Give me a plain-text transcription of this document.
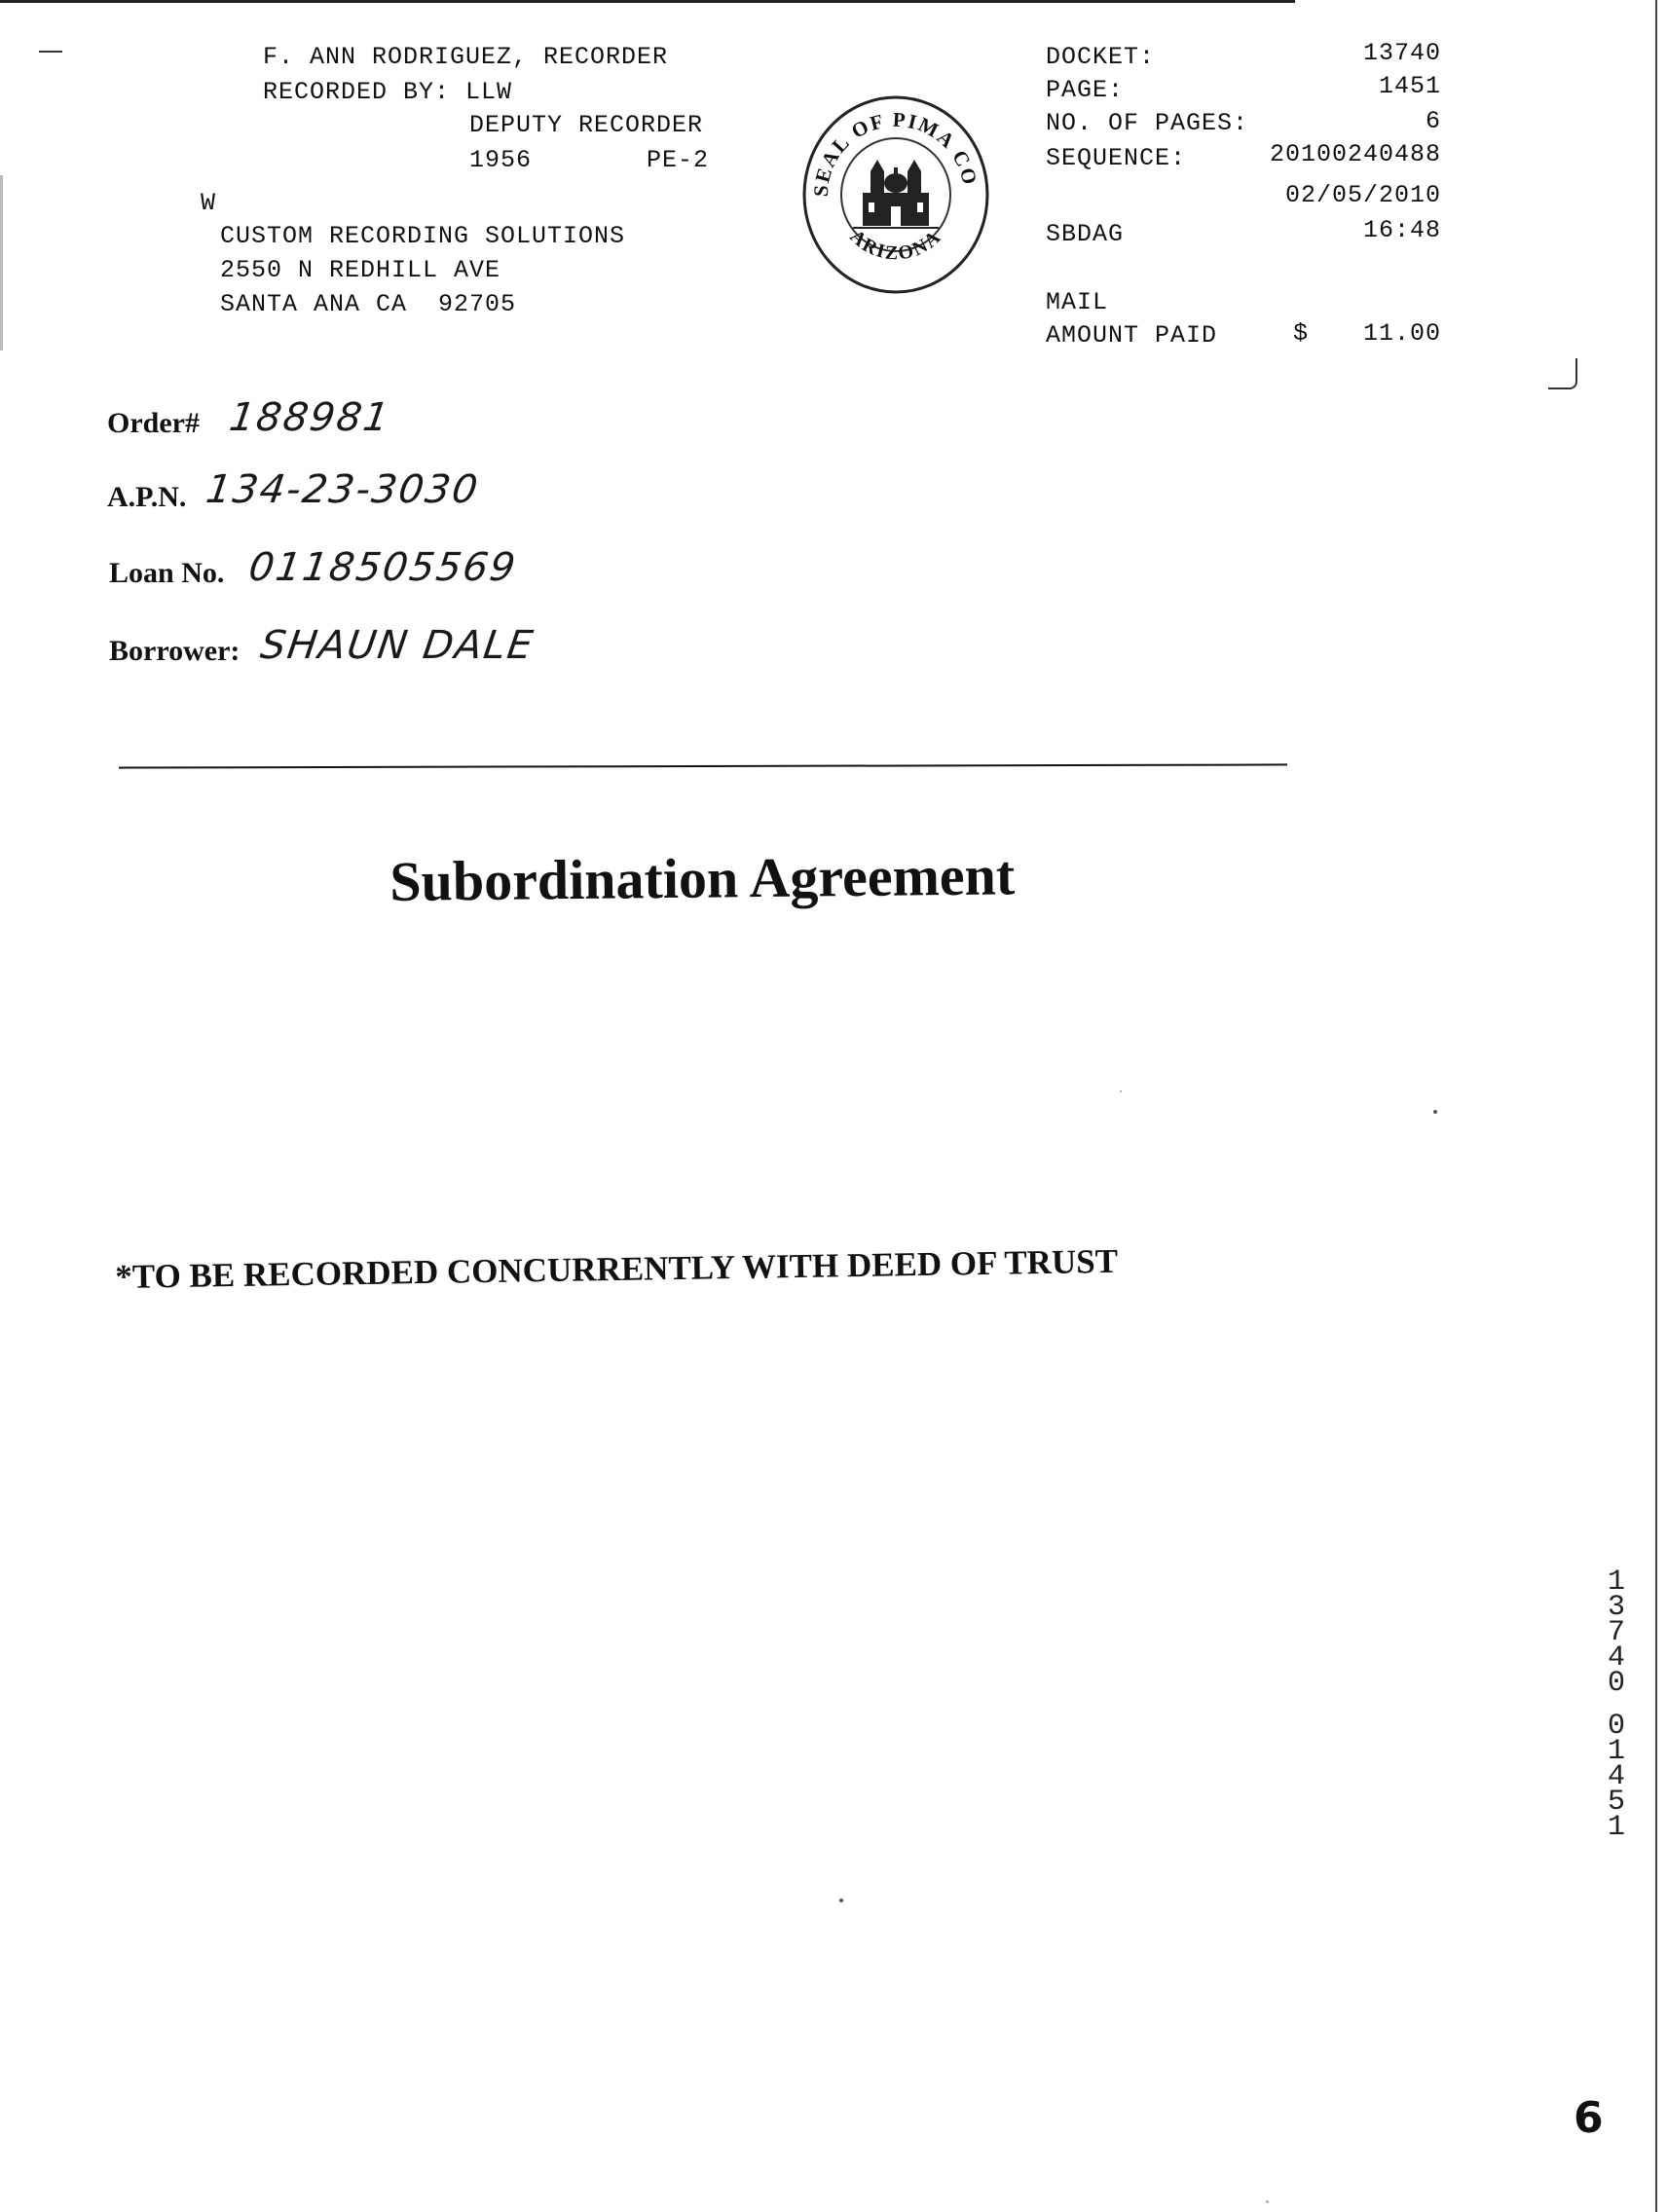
F. ANN RODRIGUEZ, RECORDER
RECORDED BY: LLW
DEPUTY RECORDER
1956	PE-2
W
CUSTOM RECORDING SOLUTIONS
2550 N REDHILL AVE
SANTA ANA CA  92705
SEAL OF PIMA CO
ARIZONA
DOCKET:	13740
PAGE:	1451
NO. OF PAGES:	6
SEQUENCE:	20100240488
02/05/2010
SBDAG	16:48
MAIL
AMOUNT PAID	$	11.00
Order# 188981
A.P.N. 134-23-3030
Loan No. 0118505569
Borrower: SHAUN DALE
Subordination Agreement
*TO BE RECORDED CONCURRENTLY WITH DEED OF TRUST
1
3
7
4
0
0
1
4
5
1
6
